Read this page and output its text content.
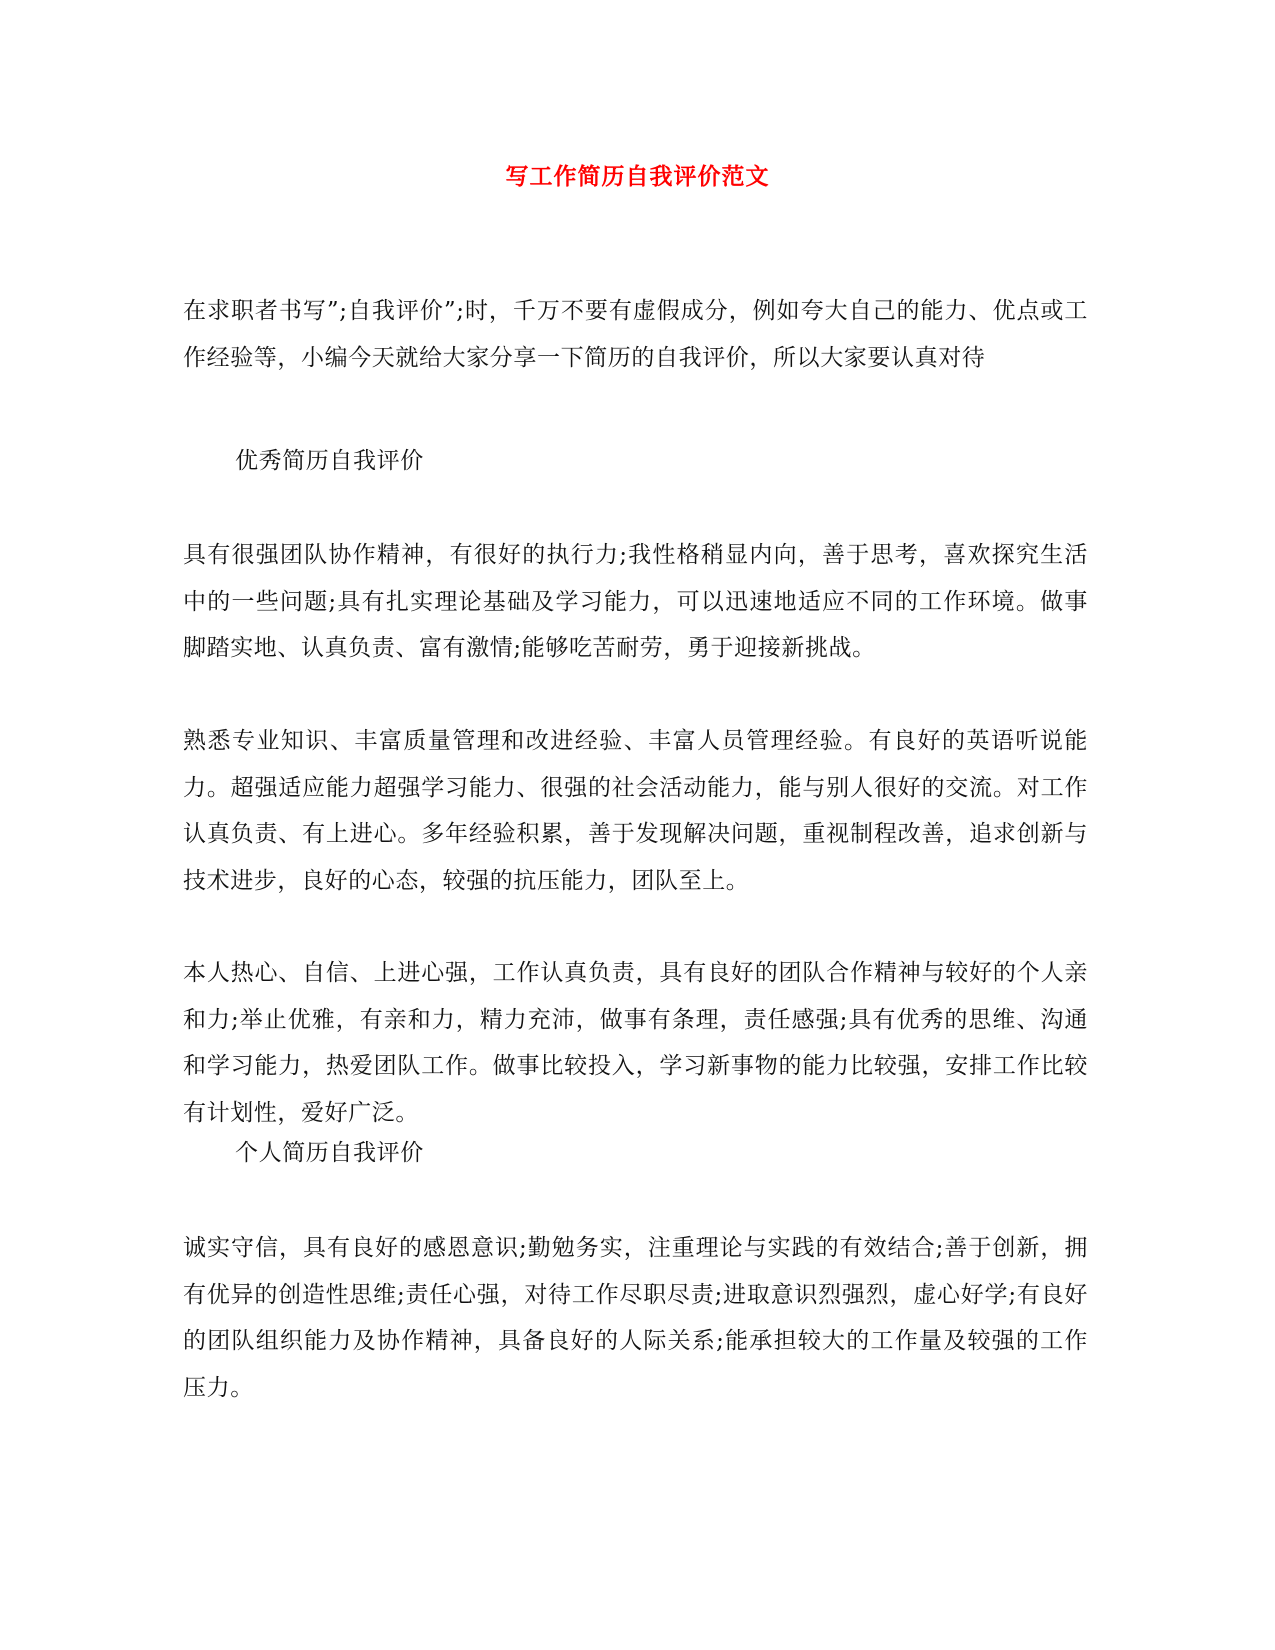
写工作简历自我评价范文
在求职者书写”;自我评价”;时，千万不要有虚假成分，例如夸大自己的能力、优点或工作经验等，小编今天就给大家分享一下简历的自我评价，所以大家要认真对待
优秀简历自我评价
具有很强团队协作精神，有很好的执行力;我性格稍显内向，善于思考，喜欢探究生活中的一些问题;具有扎实理论基础及学习能力，可以迅速地适应不同的工作环境。做事脚踏实地、认真负责、富有激情;能够吃苦耐劳，勇于迎接新挑战。
熟悉专业知识、丰富质量管理和改进经验、丰富人员管理经验。有良好的英语听说能力。超强适应能力超强学习能力、很强的社会活动能力，能与别人很好的交流。对工作认真负责、有上进心。多年经验积累，善于发现解决问题，重视制程改善，追求创新与技术进步，良好的心态，较强的抗压能力，团队至上。
本人热心、自信、上进心强，工作认真负责，具有良好的团队合作精神与较好的个人亲和力;举止优雅，有亲和力，精力充沛，做事有条理，责任感强;具有优秀的思维、沟通和学习能力，热爱团队工作。做事比较投入，学习新事物的能力比较强，安排工作比较有计划性，爱好广泛。
个人简历自我评价
诚实守信，具有良好的感恩意识;勤勉务实，注重理论与实践的有效结合;善于创新，拥有优异的创造性思维;责任心强，对待工作尽职尽责;进取意识烈强烈，虚心好学;有良好的团队组织能力及协作精神，具备良好的人际关系;能承担较大的工作量及较强的工作压力。
